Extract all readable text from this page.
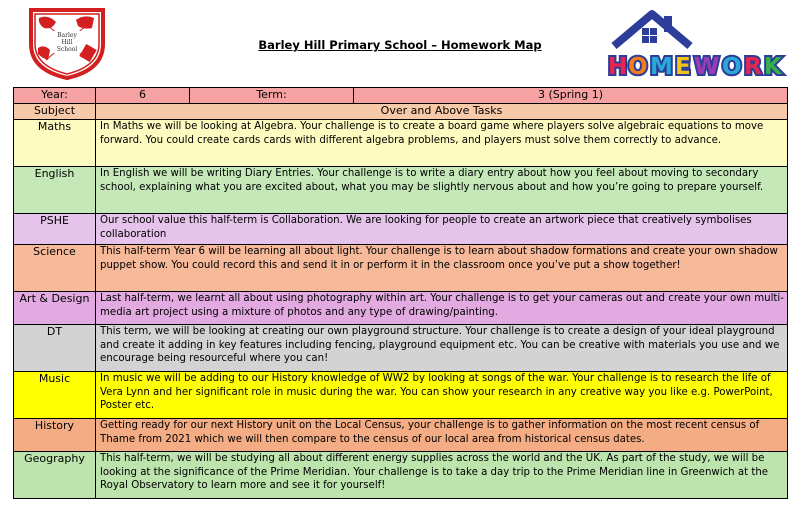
Barley
Hill
School	Barley Hill Primary School – Homework Map
H O M E W O R K
Year:	6	Term:	3 (Spring 1)
Subject	Over and Above Tasks		
Maths	In Maths we will be looking at Algebra. Your challenge is to create a board game where players solve algebraic equations to move forward. You could create cards cards with different algebra problems, and players must solve them correctly to advance.		
English	In English we will be writing Diary Entries. Your challenge is to write a diary entry about how you feel about moving to secondary school, explaining what you are excited about, what you may be slightly nervous about and how you’re going to prepare yourself.		
PSHE	Our school value this half-term is Collaboration. We are looking for people to create an artwork piece that creatively symbolises collaboration		
Science	This half-term Year 6 will be learning all about light. Your challenge is to learn about shadow formations and create your own shadow puppet show. You could record this and send it in or perform it in the classroom once you’ve put a show together!		
Art & Design	Last half-term, we learnt all about using photography within art. Your challenge is to get your cameras out and create your own multi-media art project using a mixture of photos and any type of drawing/painting.		
DT	This term, we will be looking at creating our own playground structure. Your challenge is to create a design of your ideal playground and create it adding in key features including fencing, playground equipment etc. You can be creative with materials you use and we encourage being resourceful where you can!		
Music	In music we will be adding to our History knowledge of WW2 by looking at songs of the war. Your challenge is to research the life of Vera Lynn and her significant role in music during the war. You can show your research in any creative way you like e.g. PowerPoint, Poster etc.		
History	Getting ready for our next History unit on the Local Census, your challenge is to gather information on the most recent census of Thame from 2021 which we will then compare to the census of our local area from historical census dates.		
Geography	This half-term, we will be studying all about different energy supplies across the world and the UK. As part of the study, we will be looking at the significance of the Prime Meridian. Your challenge is to take a day trip to the Prime Meridian line in Greenwich at the Royal Observatory to learn more and see it for yourself!		
